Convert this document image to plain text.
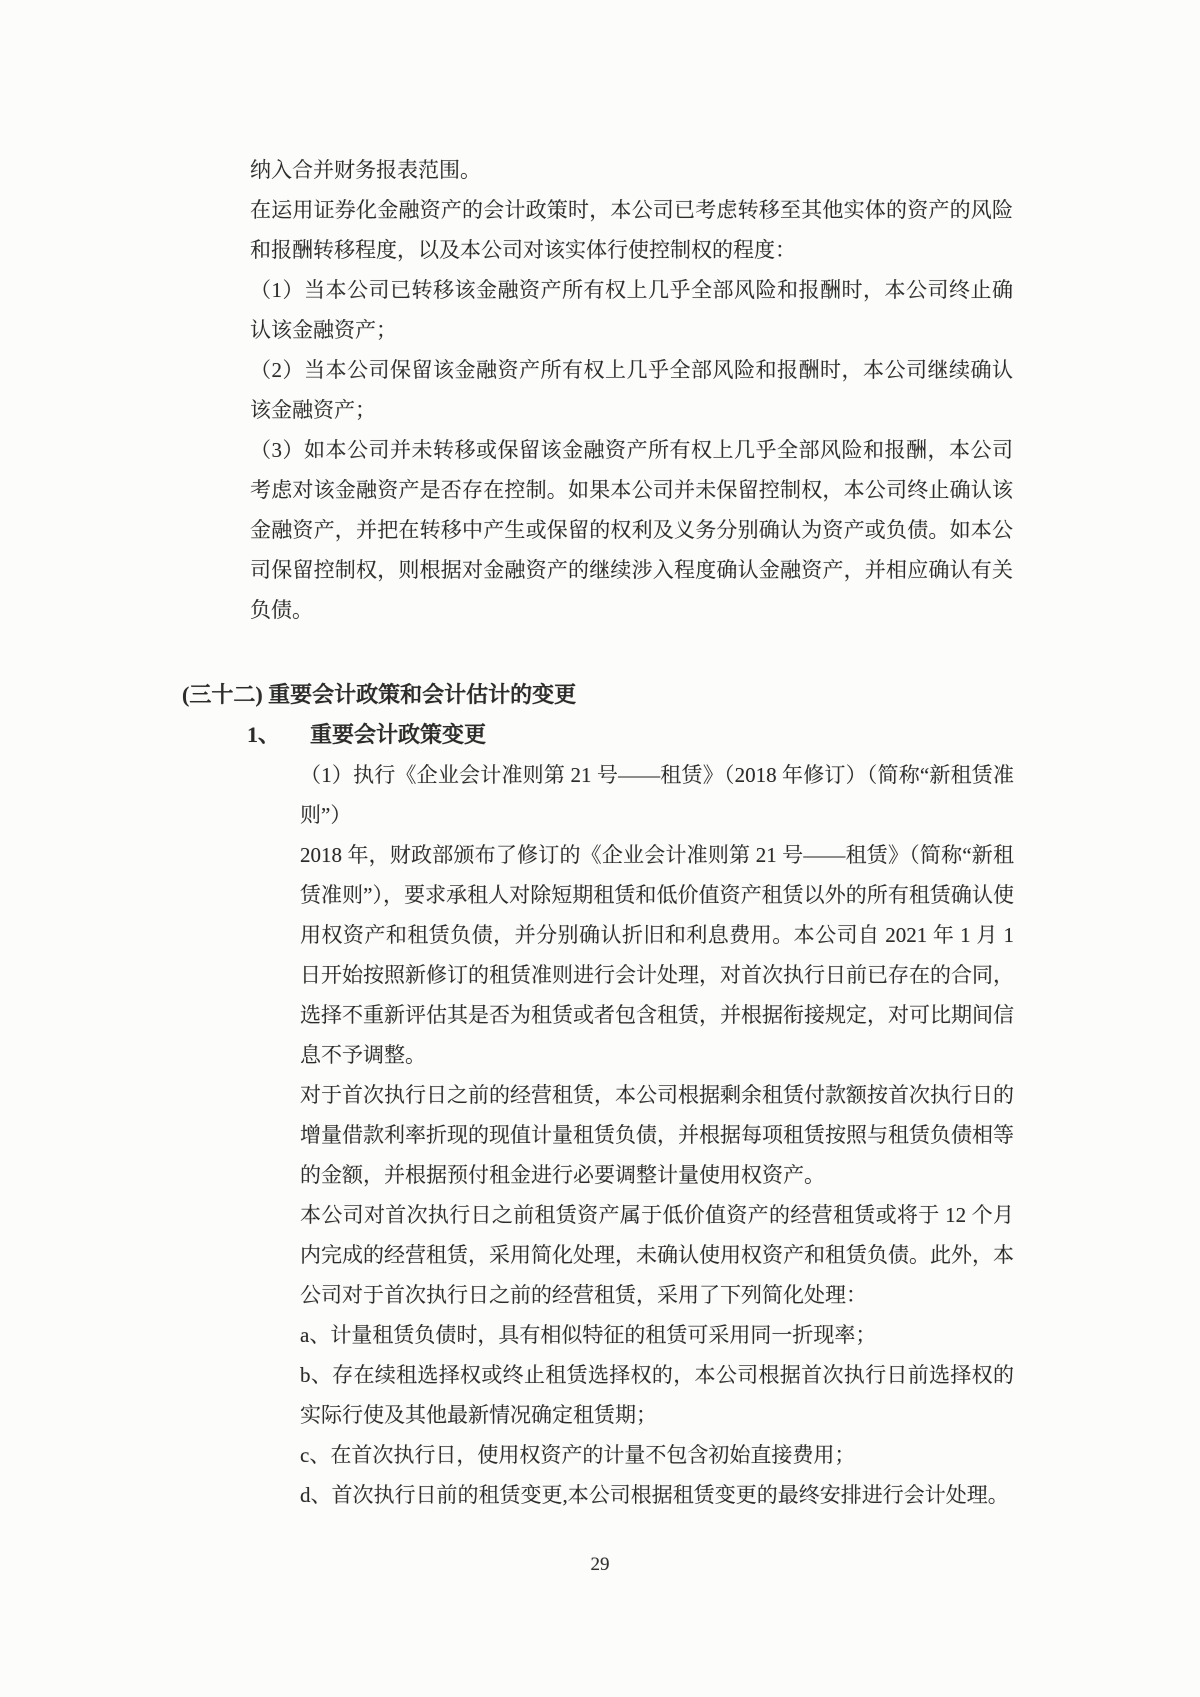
纳入合并财务报表范围。

在运用证券化金融资产的会计政策时，本公司已考虑转移至其他实体的资产的风险和报酬转移程度，以及本公司对该实体行使控制权的程度：

（1）当本公司已转移该金融资产所有权上几乎全部风险和报酬时，本公司终止确认该金融资产；

（2）当本公司保留该金融资产所有权上几乎全部风险和报酬时，本公司继续确认该金融资产；

（3）如本公司并未转移或保留该金融资产所有权上几乎全部风险和报酬，本公司考虑对该金融资产是否存在控制。如果本公司并未保留控制权，本公司终止确认该金融资产，并把在转移中产生或保留的权利及义务分别确认为资产或负债。如本公司保留控制权，则根据对金融资产的继续涉入程度确认金融资产，并相应确认有关负债。

(三十二) 重要会计政策和会计估计的变更
1、 重要会计政策变更

（1）执行《企业会计准则第 21 号——租赁》（2018 年修订）（简称“新租赁准则”）

2018 年，财政部颁布了修订的《企业会计准则第 21 号——租赁》（简称“新租赁准则”），要求承租人对除短期租赁和低价值资产租赁以外的所有租赁确认使用权资产和租赁负债，并分别确认折旧和利息费用。本公司自 2021 年 1 月 1 日开始按照新修订的租赁准则进行会计处理，对首次执行日前已存在的合同，选择不重新评估其是否为租赁或者包含租赁，并根据衔接规定，对可比期间信息不予调整。

对于首次执行日之前的经营租赁，本公司根据剩余租赁付款额按首次执行日的增量借款利率折现的现值计量租赁负债，并根据每项租赁按照与租赁负债相等的金额，并根据预付租金进行必要调整计量使用权资产。

本公司对首次执行日之前租赁资产属于低价值资产的经营租赁或将于 12 个月内完成的经营租赁，采用简化处理，未确认使用权资产和租赁负债。此外，本公司对于首次执行日之前的经营租赁，采用了下列简化处理：

a、计量租赁负债时，具有相似特征的租赁可采用同一折现率；

b、存在续租选择权或终止租赁选择权的，本公司根据首次执行日前选择权的实际行使及其他最新情况确定租赁期；

c、在首次执行日，使用权资产的计量不包含初始直接费用；

d、首次执行日前的租赁变更,本公司根据租赁变更的最终安排进行会计处理。

29
